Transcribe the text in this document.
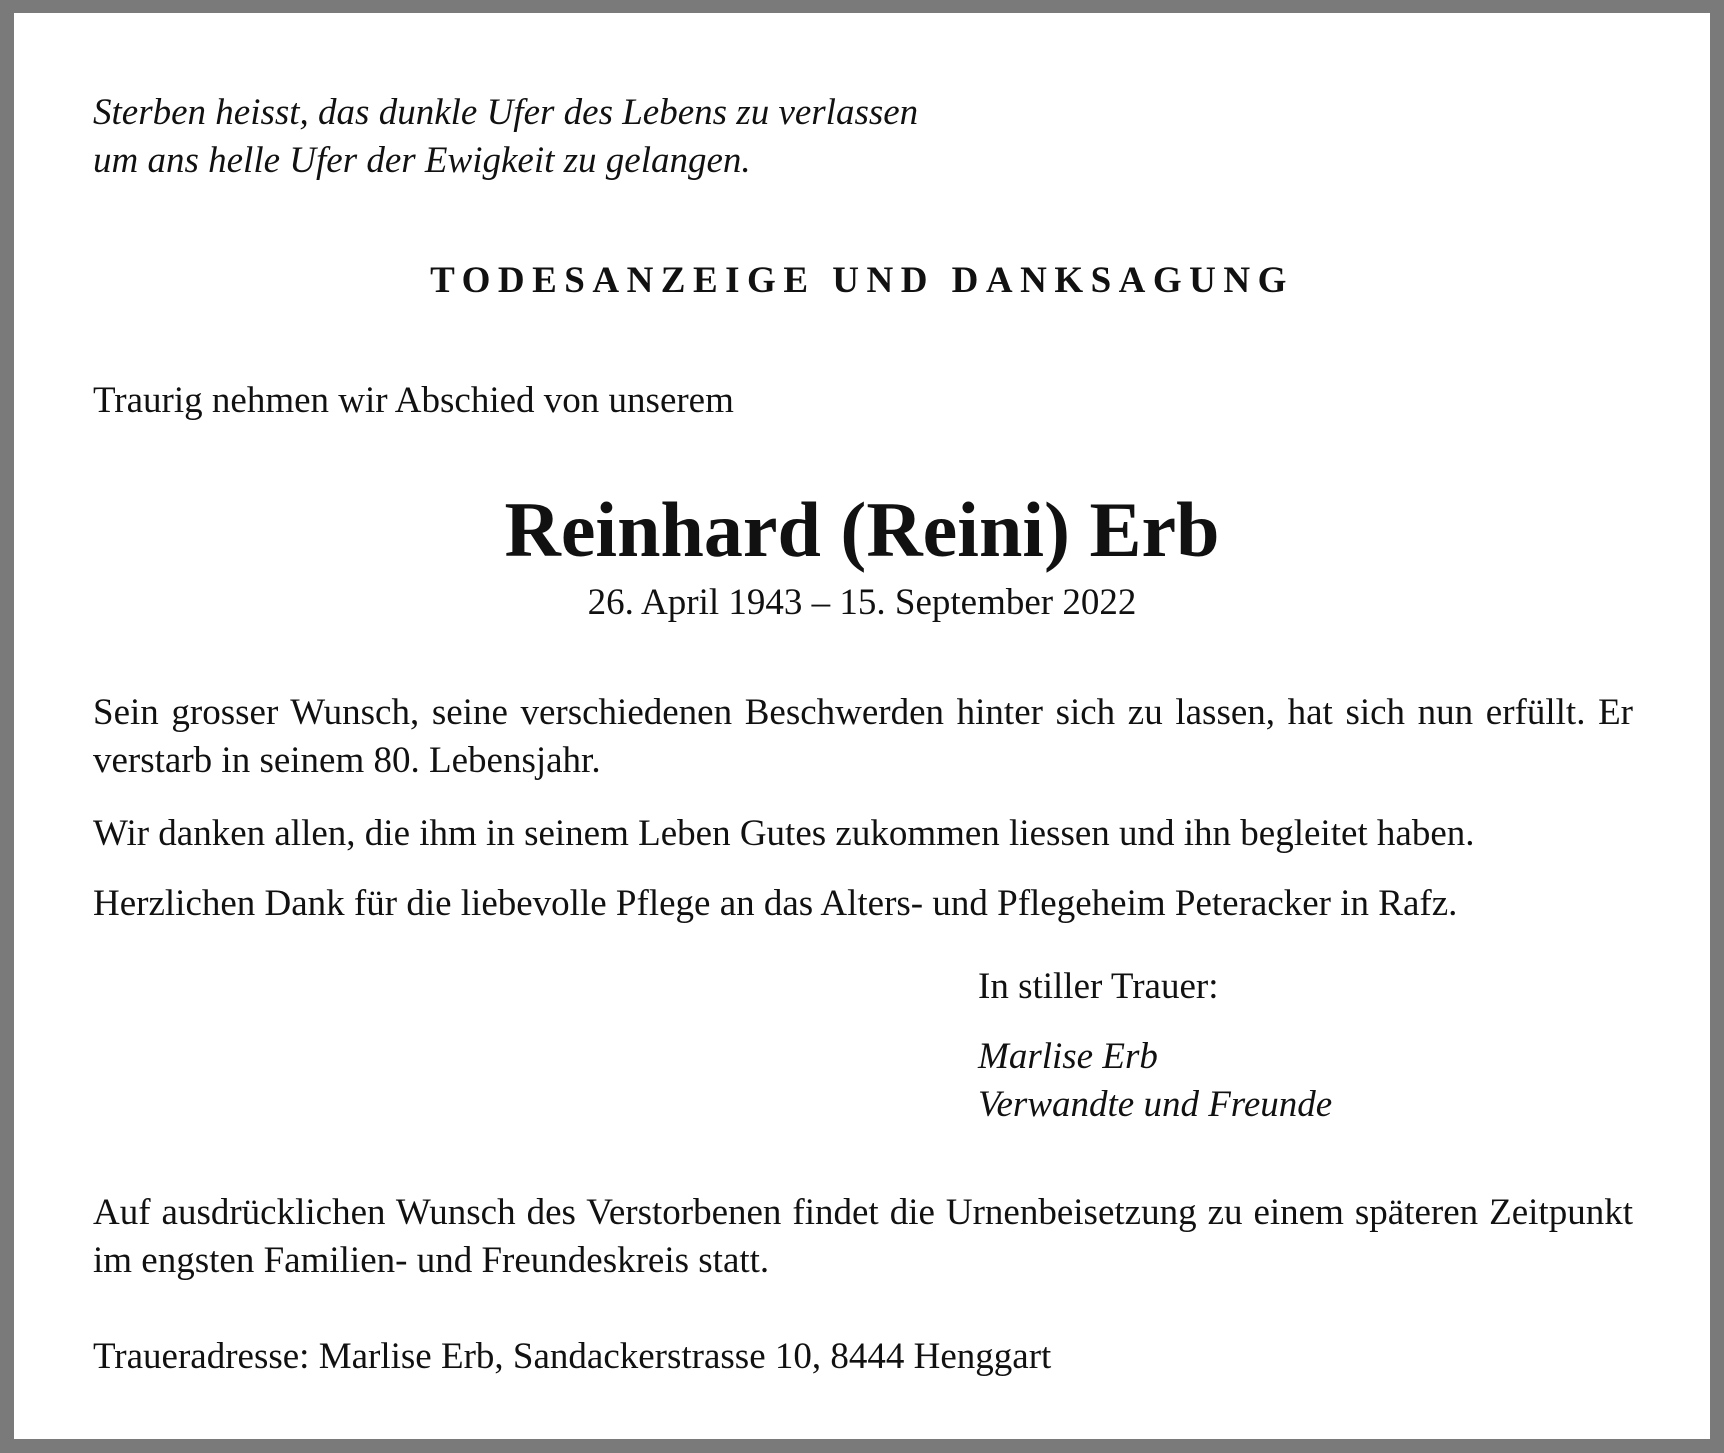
Sterben heisst, das dunkle Ufer des Lebens zu verlassen
um ans helle Ufer der Ewigkeit zu gelangen.

TODESANZEIGE UND DANKSAGUNG

Traurig nehmen wir Abschied von unserem

Reinhard (Reini) Erb

26. April 1943 – 15. September 2022

Sein grosser Wunsch, seine verschiedenen Beschwerden hinter sich zu lassen, hat sich nun erfüllt. Er verstarb in seinem 80. Lebensjahr.

Wir danken allen, die ihm in seinem Leben Gutes zukommen liessen und ihn begleitet haben.

Herzlichen Dank für die liebevolle Pflege an das Alters- und Pflegeheim Peteracker in Rafz.

In stiller Trauer:

Marlise Erb
Verwandte und Freunde

Auf ausdrücklichen Wunsch des Verstorbenen findet die Urnenbeisetzung zu einem späteren Zeitpunkt im engsten Familien- und Freundeskreis statt.

Traueradresse: Marlise Erb, Sandackerstrasse 10, 8444 Henggart
